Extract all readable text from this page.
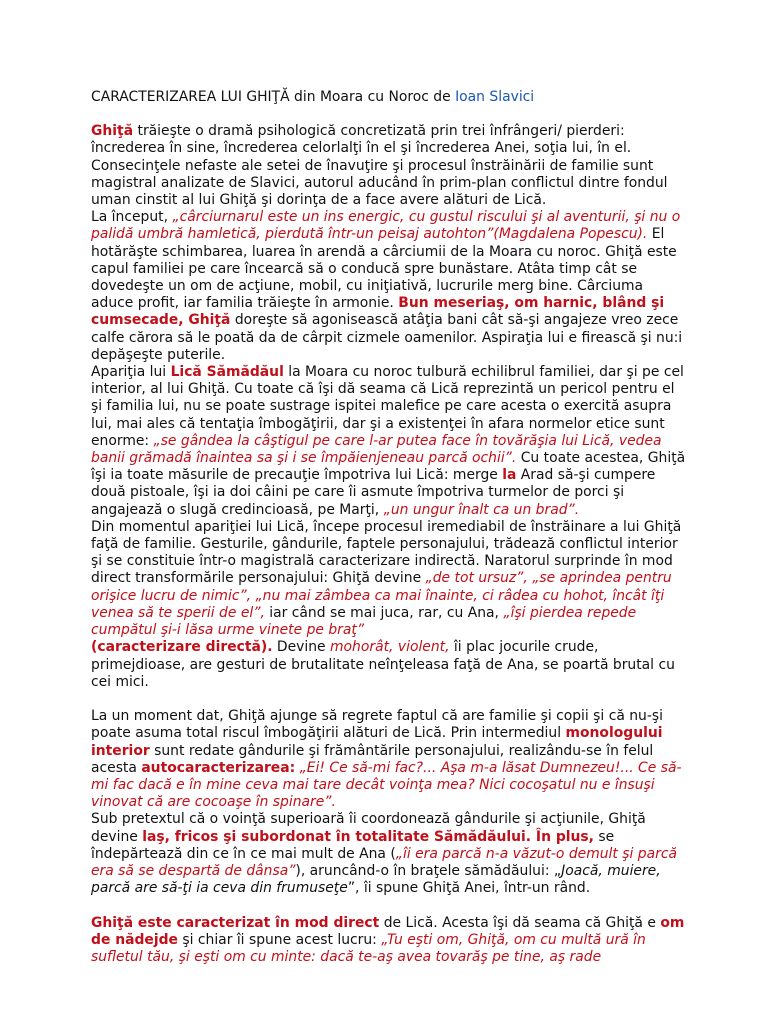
CARACTERIZAREA LUI GHIŢĂ din Moara cu Noroc de Ioan Slavici

Ghiţă trăieşte o dramă psihologică concretizată prin trei înfrângeri/ pierderi: încrederea în sine, încrederea celorlalţi în el şi încrederea Anei, soţia lui, în el. Consecinţele nefaste ale setei de înavuţire şi procesul înstrăinării de familie sunt magistral analizate de Slavici, autorul aducând în prim-plan conflictul dintre fondul uman cinstit al lui Ghiţă şi dorinţa de a face avere alături de Lică.

La început, „cârciurnarul este un ins energic, cu gustul riscului şi al aventurii, şi nu o palidă umbră hamletică, pierdută într-un peisaj autohton”(Magdalena Popescu). El hotărăşte schimbarea, luarea în arendă a cârciumii de la Moara cu noroc. Ghiţă este capul familiei pe care încearcă să o conducă spre bunăstare. Atâta timp cât se dovedeşte un om de acţiune, mobil, cu iniţiativă, lucrurile merg bine. Cârciuma aduce profit, iar familia trăieşte în armonie. Bun meseriaş, om harnic, blând şi cumsecade, Ghiţă doreşte să agonisească atâţia bani cât să-şi angajeze vreo zece calfe cărora să le poată da de cârpit cizmele oamenilor. Aspiraţia lui e firească şi nu:i depăşeşte puterile.

Apariţia lui Lică Sămădăul la Moara cu noroc tulbură echilibrul familiei, dar şi pe cel interior, al lui Ghiţă. Cu toate că îşi dă seama că Lică reprezintă un pericol pentru el şi familia lui, nu se poate sustrage ispitei malefice pe care acesta o exercită asupra lui, mai ales că tentaţia îmbogăţirii, dar şi a existenţei în afara normelor etice sunt enorme: „se gândea la câştigul pe care l-ar putea face în tovărăşia lui Lică, vedea banii grămadă înaintea sa şi i se împăienjeneau parcă ochii”. Cu toate acestea, Ghiţă îşi ia toate măsurile de precauţie împotriva lui Lică: merge la Arad să-şi cumpere două pistoale, îşi ia doi câini pe care îi asmute împotriva turmelor de porci şi angajează o slugă credincioasă, pe Marţi, „un ungur înalt ca un brad”.

Din momentul apariţiei lui Lică, începe procesul iremediabil de înstrăinare a lui Ghiţă faţă de familie. Gesturile, gândurile, faptele personajului, trădează conflictul interior şi se constituie într-o magistrală caracterizare indirectă. Naratorul surprinde în mod direct transformările personajului: Ghiţă devine „de tot ursuz”, „se aprindea pentru orişice lucru de nimic”, „nu mai zâmbea ca mai înainte, ci râdea cu hohot, încât îţi venea să te sperii de el”, iar când se mai juca, rar, cu Ana, „îşi pierdea repede cumpătul şi-i lăsa urme vinete pe braţ”
(caracterizare directă). Devine mohorât, violent, îi plac jocurile crude, primejdioase, are gesturi de brutalitate neînţeleasa faţă de Ana, se poartă brutal cu cei mici.

La un moment dat, Ghiţă ajunge să regrete faptul că are familie şi copii şi că nu-şi poate asuma total riscul îmbogăţirii alături de Lică. Prin intermediul monologului interior sunt redate gândurile şi frământările personajului, realizându-se în felul acesta autocaracterizarea: „Ei! Ce să-mi fac?... Aşa m-a lăsat Dumnezeu!... Ce să-mi fac dacă e în mine ceva mai tare decât voinţa mea? Nici cocoşatul nu e însuşi vinovat că are cocoaşe în spinare”.

Sub pretextul că o voinţă superioară îi coordonează gândurile şi acţiunile, Ghiţă devine laş, fricos şi subordonat în totalitate Sămădăului. În plus, se îndepărtează din ce în ce mai mult de Ana („îi era parcă n-a văzut-o demult şi parcă era să se despartă de dânsa”), aruncând-o în braţele sămădăului: „Joacă, muiere, parcă are să-ţi ia ceva din frumuseţe”, îi spune Ghiţă Anei, într-un rând.

Ghiţă este caracterizat în mod direct de Lică. Acesta îşi dă seama că Ghiţă e om de nădejde şi chiar îi spune acest lucru: „Tu eşti om, Ghiţă, om cu multă ură în sufletul tău, şi eşti om cu minte: dacă te-aş avea tovarăş pe tine, aş rade
